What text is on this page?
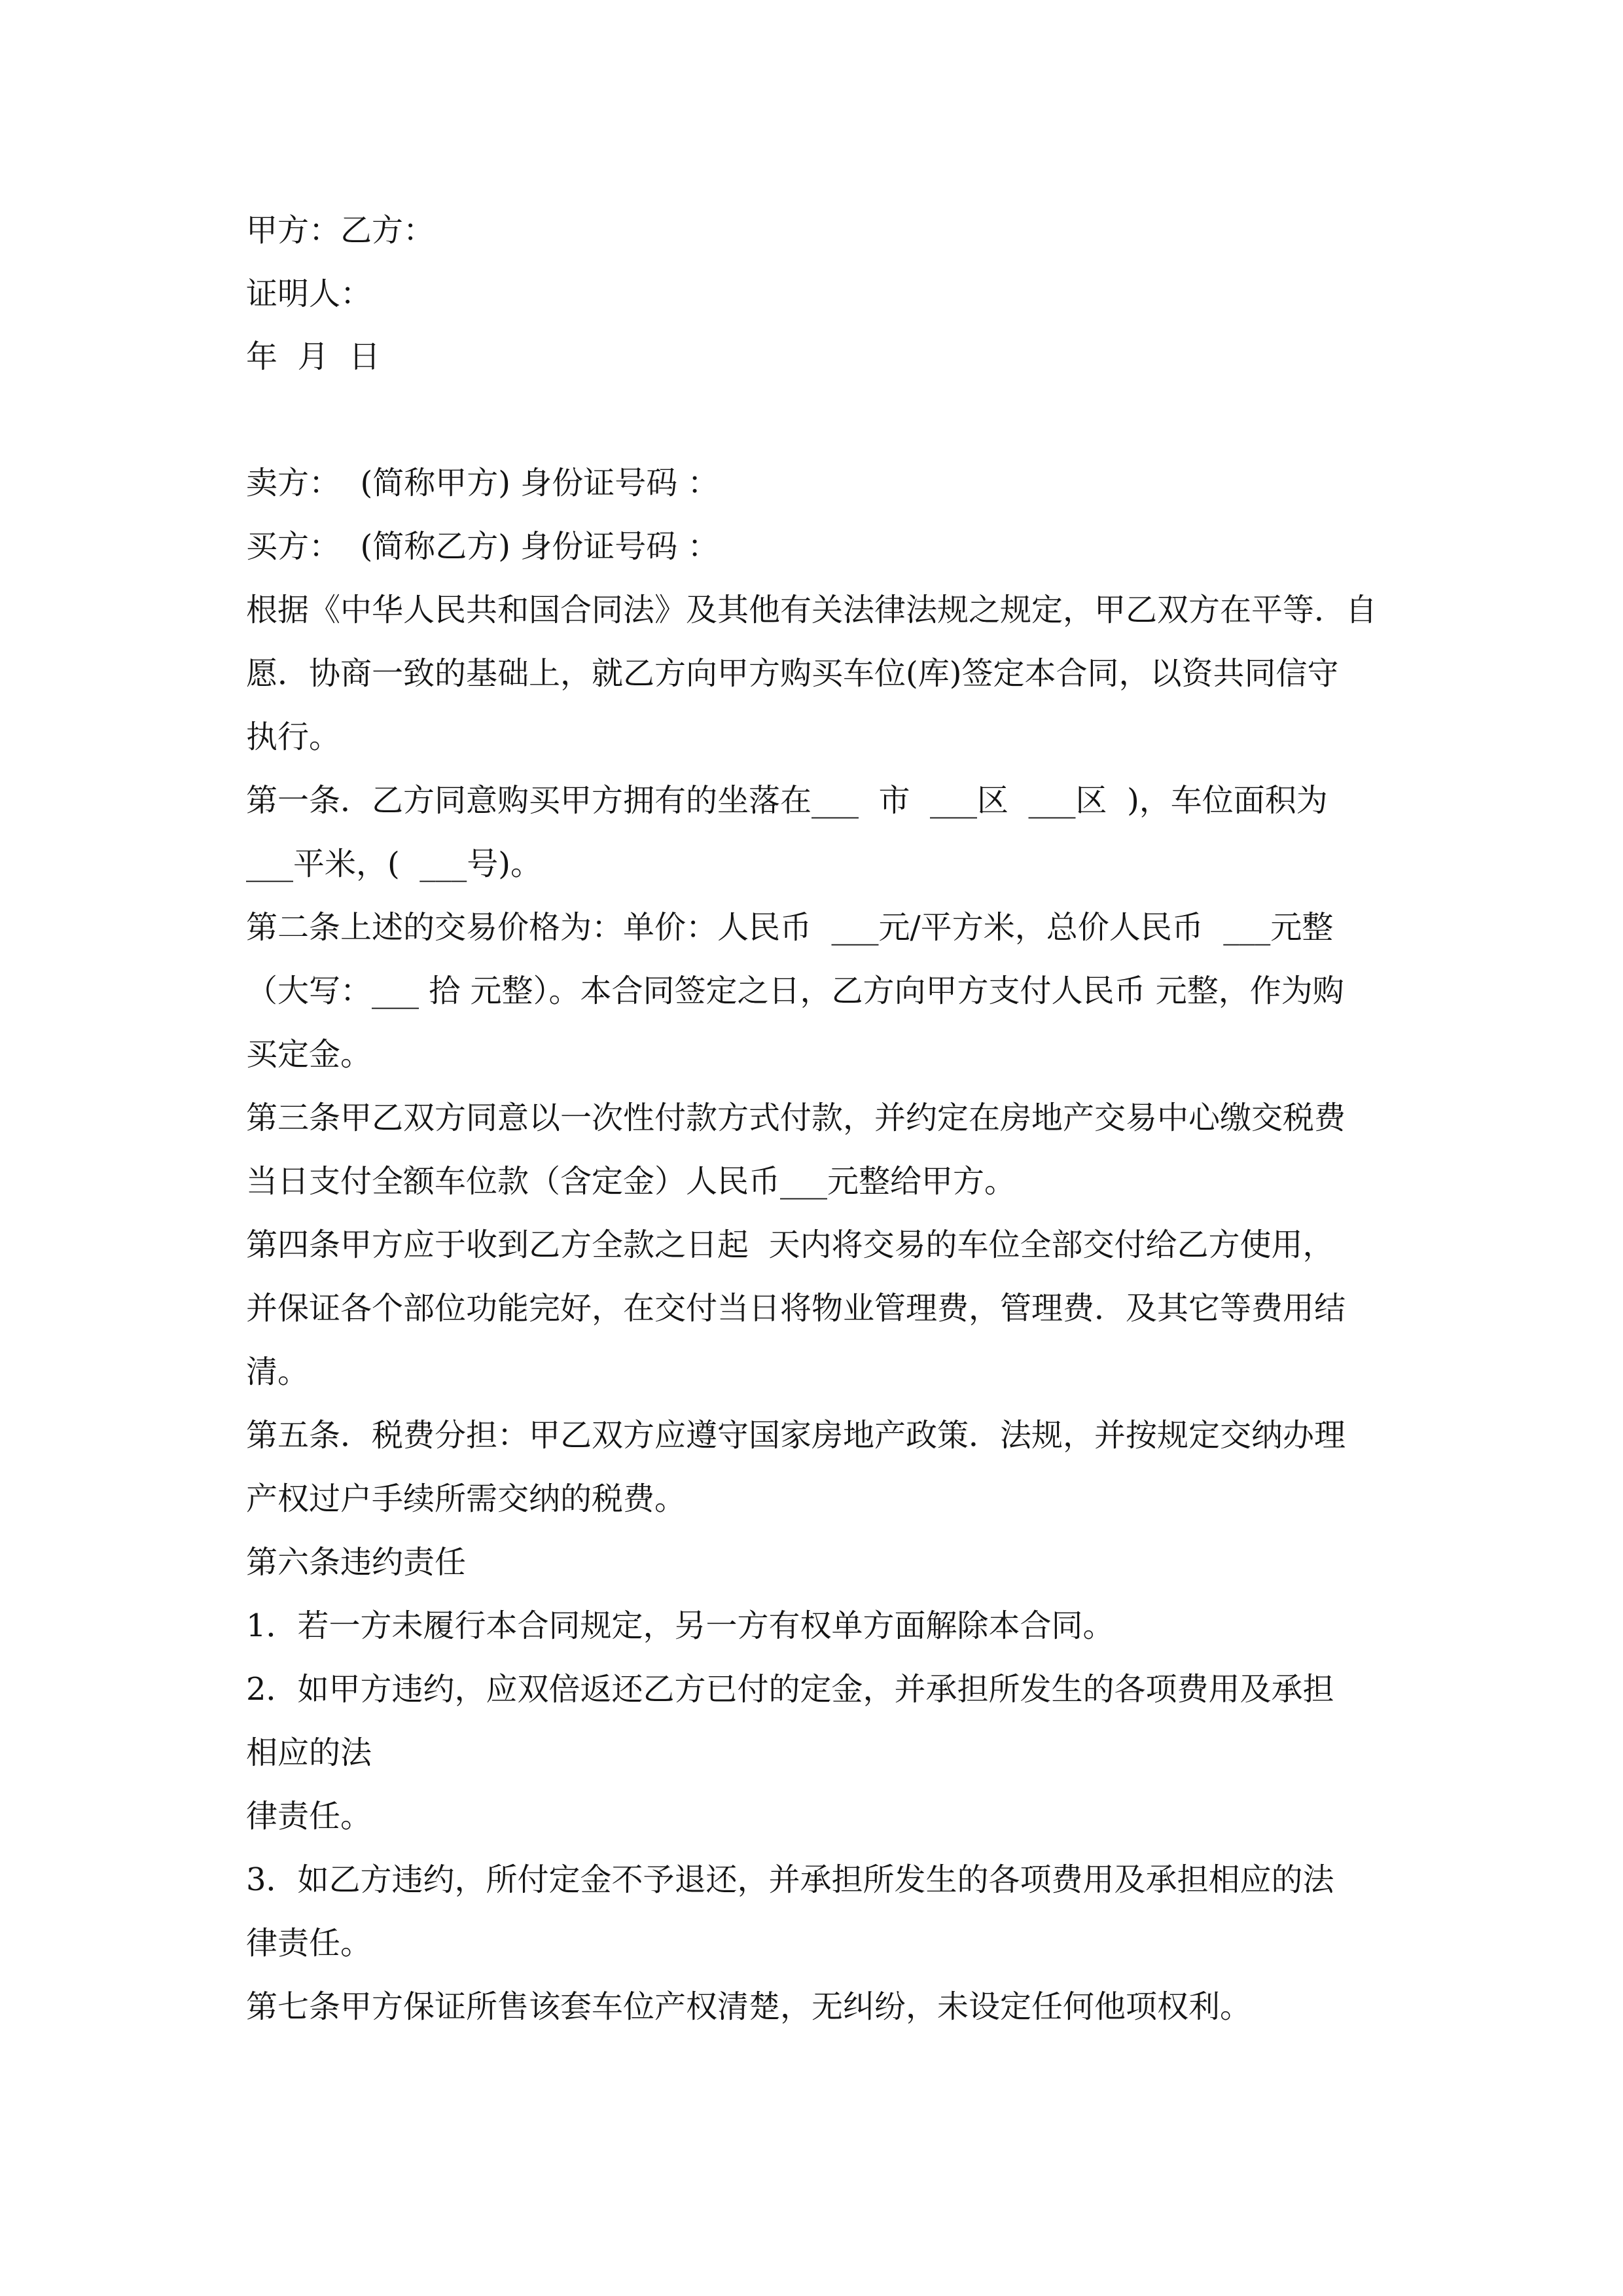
甲方：乙方：
证明人：
年  月  日
卖方：  (简称甲方) 身份证号码 ：
买方：  (简称乙方) 身份证号码 ：
根据《中华人民共和国合同法》及其他有关法律法规之规定，甲乙双方在平等．自
愿．协商一致的基础上，就乙方向甲方购买车位(库)签定本合同，以资共同信守
执行。
第一条．乙方同意购买甲方拥有的坐落在___  市  ___区  ___区  )，车位面积为
___平米，(  ___号)。
第二条上述的交易价格为：单价：人民币  ___元/平方米，总价人民币  ___元整
（大写：___ 拾 元整）。本合同签定之日，乙方向甲方支付人民币 元整，作为购
买定金。
第三条甲乙双方同意以一次性付款方式付款，并约定在房地产交易中心缴交税费
当日支付全额车位款（含定金）人民币___元整给甲方。
第四条甲方应于收到乙方全款之日起  天内将交易的车位全部交付给乙方使用，
并保证各个部位功能完好，在交付当日将物业管理费，管理费．及其它等费用结
清。
第五条．税费分担：甲乙双方应遵守国家房地产政策．法规，并按规定交纳办理
产权过户手续所需交纳的税费。
第六条违约责任
1．若一方未履行本合同规定，另一方有权单方面解除本合同。
2．如甲方违约，应双倍返还乙方已付的定金，并承担所发生的各项费用及承担
相应的法
律责任。
3．如乙方违约，所付定金不予退还，并承担所发生的各项费用及承担相应的法
律责任。
第七条甲方保证所售该套车位产权清楚，无纠纷，未设定任何他项权利。
